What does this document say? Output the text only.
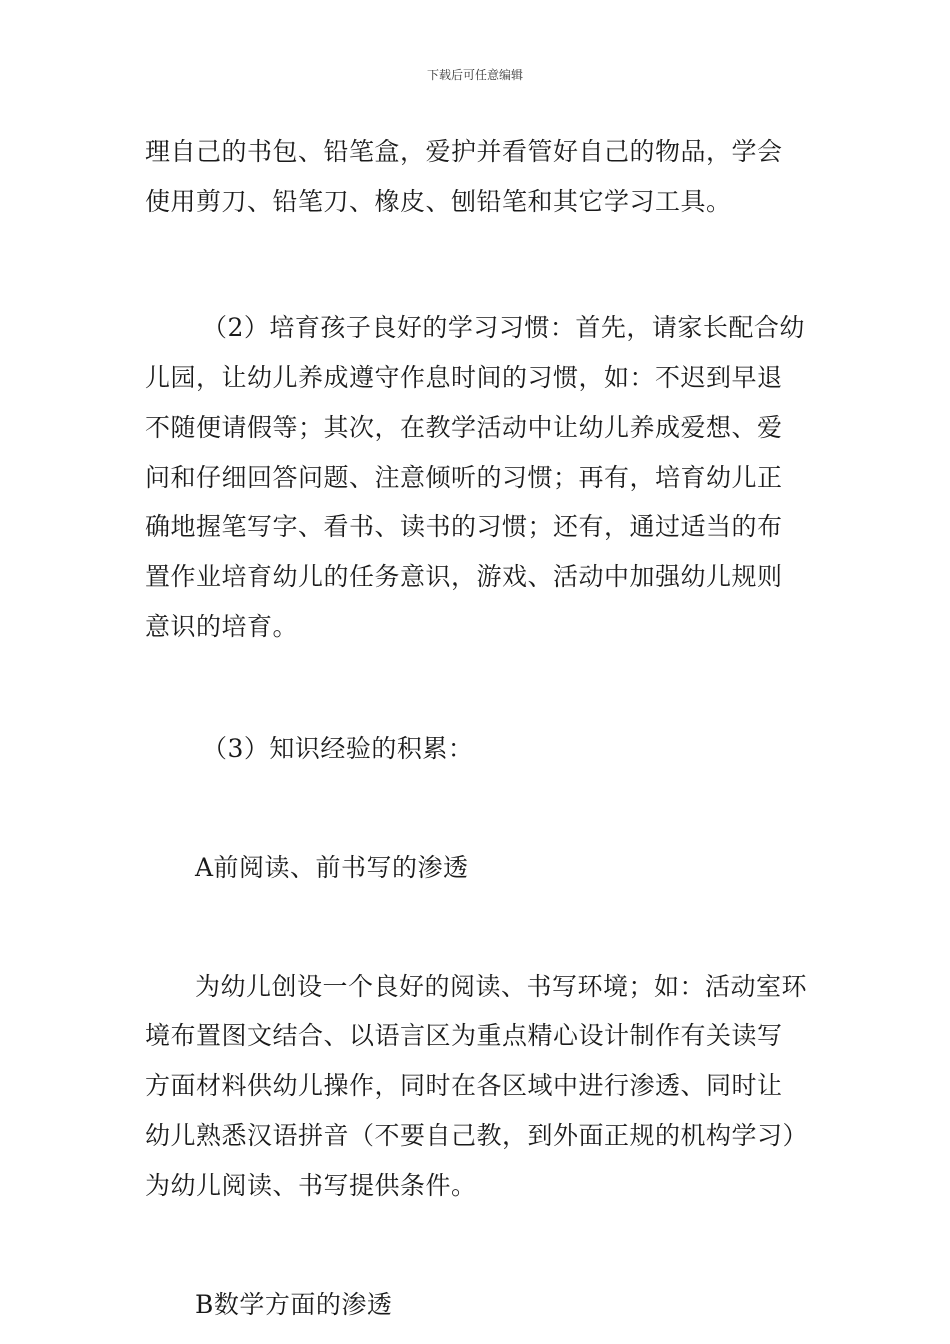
下载后可任意编辑

理自己的书包、铅笔盒，爱护并看管好自己的物品，学会使用剪刀、铅笔刀、橡皮、刨铅笔和其它学习工具。

（2）培育孩子良好的学习习惯：首先，请家长配合幼儿园，让幼儿养成遵守作息时间的习惯，如：不迟到早退不随便请假等；其次，在教学活动中让幼儿养成爱想、爱问和仔细回答问题、注意倾听的习惯；再有，培育幼儿正确地握笔写字、看书、读书的习惯；还有，通过适当的布置作业培育幼儿的任务意识，游戏、活动中加强幼儿规则意识的培育。

（3）知识经验的积累：

A前阅读、前书写的渗透

为幼儿创设一个良好的阅读、书写环境；如：活动室环境布置图文结合、以语言区为重点精心设计制作有关读写方面材料供幼儿操作，同时在各区域中进行渗透、同时让幼儿熟悉汉语拼音（不要自己教，到外面正规的机构学习）为幼儿阅读、书写提供条件。

B数学方面的渗透
